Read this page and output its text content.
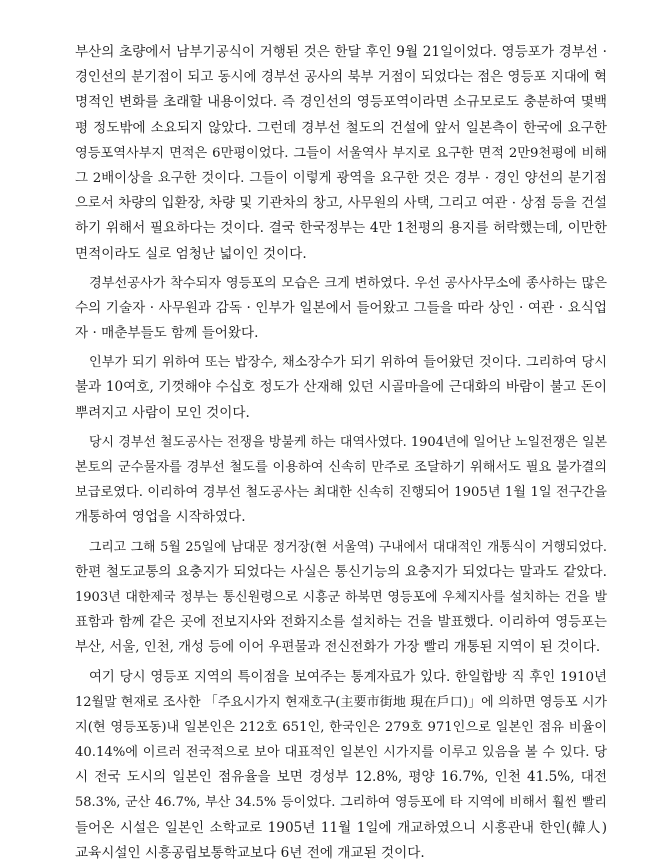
부산의 초량에서 남부기공식이 거행된 것은 한달 후인 9월 21일이었다. 영등포가 경부선 ·
경인선의 분기점이 되고 동시에 경부선 공사의 북부 거점이 되었다는 점은 영등포 지대에 혁
명적인 변화를 초래할 내용이었다. 즉 경인선의 영등포역이라면 소규모로도 충분하여 몇백
평 정도밖에 소요되지 않았다. 그런데 경부선 철도의 건설에 앞서 일본측이 한국에 요구한
영등포역사부지 면적은 6만평이었다. 그들이 서울역사 부지로 요구한 면적 2만9천평에 비해
그 2배이상을 요구한 것이다. 그들이 이렇게 광역을 요구한 것은 경부 · 경인 양선의 분기점
으로서 차량의 입환장, 차량 및 기관차의 창고, 사무원의 사택, 그리고 여관 · 상점 등을 건설
하기 위해서 필요하다는 것이다. 결국 한국정부는 4만 1천평의 용지를 허락했는데, 이만한
면적이라도 실로 엄청난 넓이인 것이다.
경부선공사가 착수되자 영등포의 모습은 크게 변하였다. 우선 공사사무소에 종사하는 많은
수의 기술자 · 사무원과 감독 · 인부가 일본에서 들어왔고 그들을 따라 상인 · 여관 · 요식업
자 · 매춘부들도 함께 들어왔다.
인부가 되기 위하여 또는 밥장수, 채소장수가 되기 위하여 들어왔던 것이다. 그리하여 당시
불과 10여호, 기껏해야 수십호 정도가 산재해 있던 시골마을에 근대화의 바람이 불고 돈이
뿌려지고 사람이 모인 것이다.
당시 경부선 철도공사는 전쟁을 방불케 하는 대역사였다. 1904년에 일어난 노일전쟁은 일본
본토의 군수물자를 경부선 철도를 이용하여 신속히 만주로 조달하기 위해서도 필요 불가결의
보급로였다. 이리하여 경부선 철도공사는 최대한 신속히 진행되어 1905년 1월 1일 전구간을
개통하여 영업을 시작하였다.
그리고 그해 5월 25일에 남대문 정거장(현 서울역) 구내에서 대대적인 개통식이 거행되었다.
한편 철도교통의 요충지가 되었다는 사실은 통신기능의 요충지가 되었다는 말과도 같았다.
1903년 대한제국 정부는 통신원령으로 시흥군 하북면 영등포에 우체지사를 설치하는 건을 발
표함과 함께 같은 곳에 전보지사와 전화지소를 설치하는 건을 발표했다. 이리하여 영등포는
부산, 서울, 인천, 개성 등에 이어 우편물과 전신전화가 가장 빨리 개통된 지역이 된 것이다.
여기 당시 영등포 지역의 특이점을 보여주는 통계자료가 있다. 한일합방 직 후인 1910년
12월말 현재로 조사한 「주요시가지 현재호구(主要市街地 現在戶口)」에 의하면 영등포 시가
지(현 영등포동)내 일본인은 212호 651인, 한국인은 279호 971인으로 일본인 점유 비율이
40.14%에 이르러 전국적으로 보아 대표적인 일본인 시가지를 이루고 있음을 볼 수 있다. 당
시 전국 도시의 일본인 점유율을 보면 경성부 12.8%, 평양 16.7%, 인천 41.5%, 대전
58.3%, 군산 46.7%, 부산 34.5% 등이었다. 그리하여 영등포에 타 지역에 비해서 훨씬 빨리
들어온 시설은 일본인 소학교로 1905년 11월 1일에 개교하였으니 시흥관내 한인(韓人)
교육시설인 시흥공립보통학교보다 6년 전에 개교된 것이다.
